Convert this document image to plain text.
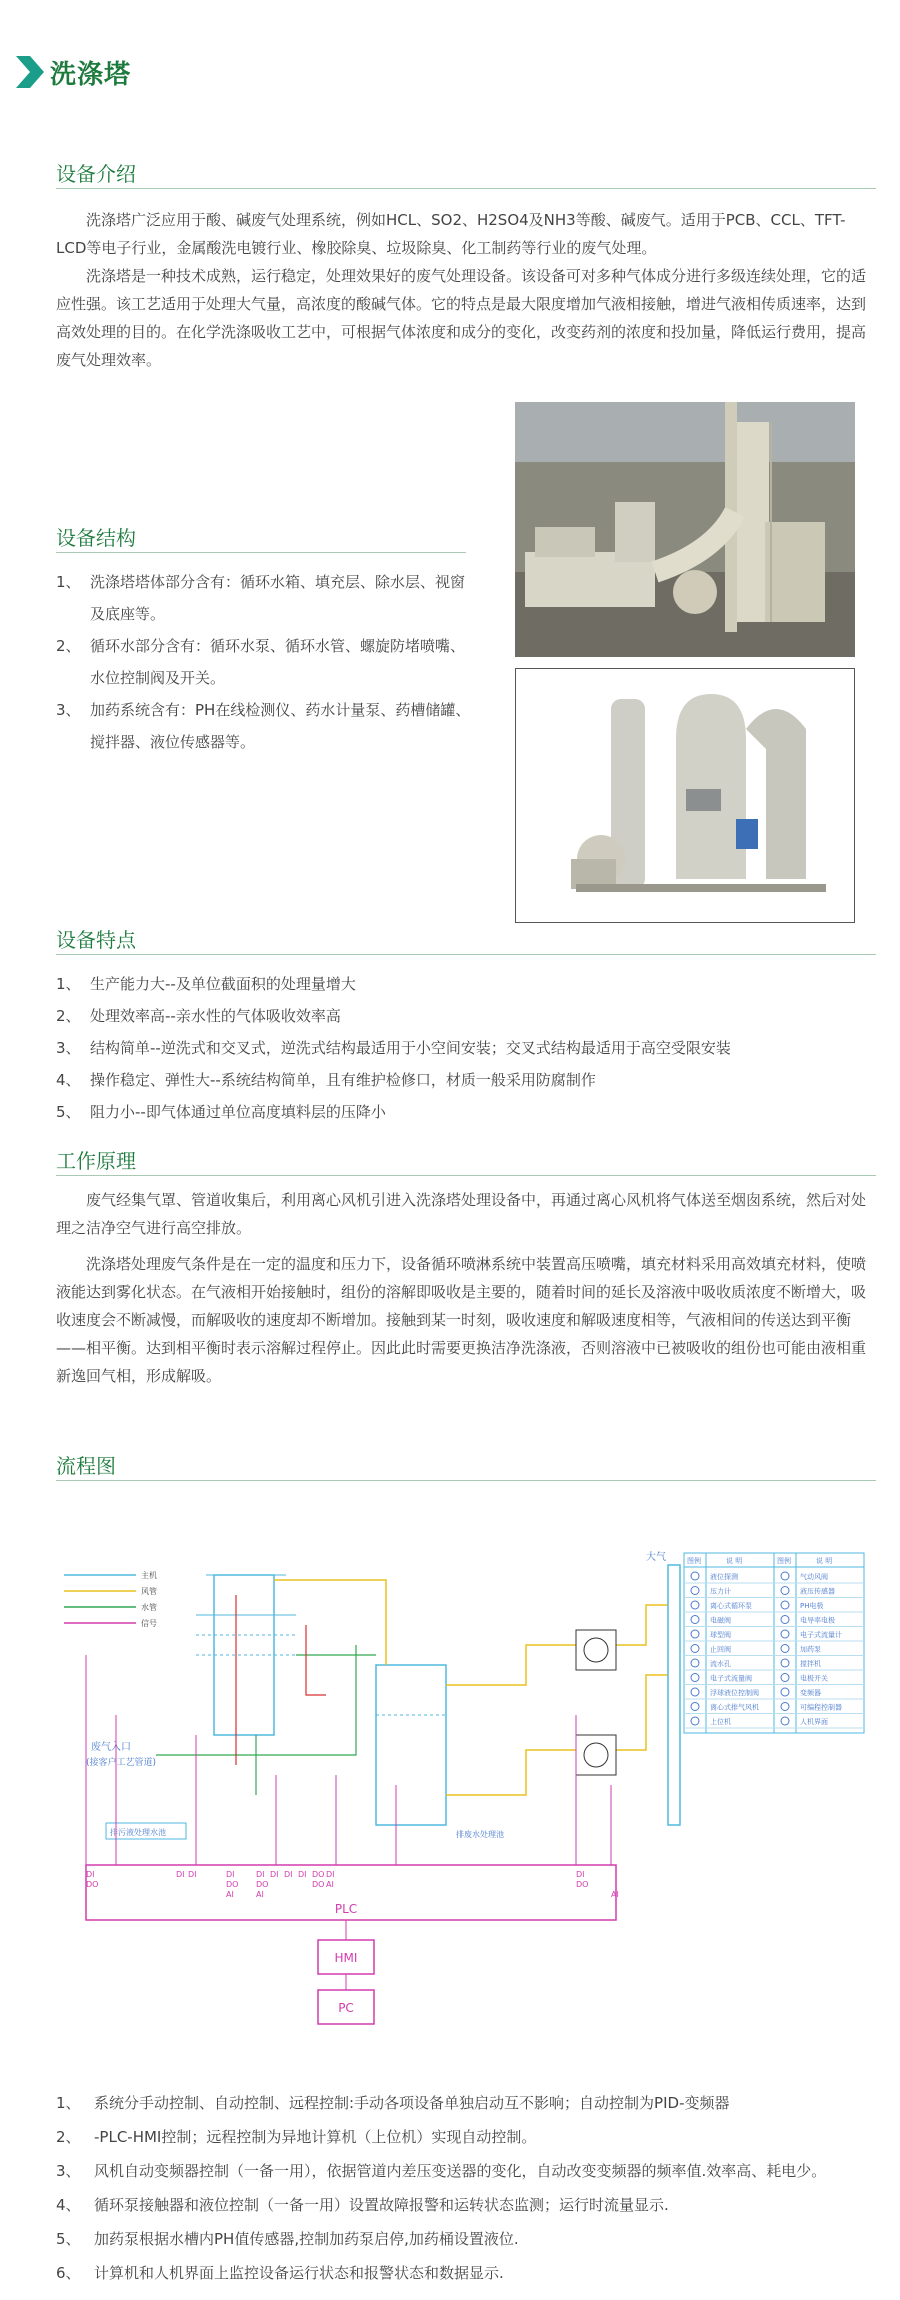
洗涤塔
设备介绍
洗涤塔广泛应用于酸、碱废气处理系统，例如HCL、SO2、H2SO4及NH3等酸、碱废气。适用于PCB、CCL、TFT- LCD等电子行业，金属酸洗电镀行业、橡胶除臭、垃圾除臭、化工制药等行业的废气处理。
洗涤塔是一种技术成熟，运行稳定，处理效果好的废气处理设备。该设备可对多种气体成分进行多级连续处理，它的适应性强。该工艺适用于处理大气量，高浓度的酸碱气体。它的特点是最大限度增加气液相接触，增进气液相传质速率，达到高效处理的目的。在化学洗涤吸收工艺中，可根据气体浓度和成分的变化，改变药剂的浓度和投加量，降低运行费用，提高废气处理效率。
设备结构
1、 洗涤塔塔体部分含有：循环水箱、填充层、除水层、视窗及底座等。
2、 循环水部分含有：循环水泵、循环水管、螺旋防堵喷嘴、水位控制阀及开关。
3、 加药系统含有：PH在线检测仪、药水计量泵、药槽储罐、搅拌器、液位传感器等。
设备特点
1、 生产能力大--及单位截面积的处理量增大
2、 处理效率高--亲水性的气体吸收效率高
3、 结构简单--逆洗式和交叉式，逆洗式结构最适用于小空间安装；交叉式结构最适用于高空受限安装
4、 操作稳定、弹性大--系统结构简单，且有维护检修口，材质一般采用防腐制作
5、 阻力小--即气体通过单位高度填料层的压降小
工作原理
废气经集气罩、管道收集后，利用离心风机引进入洗涤塔处理设备中，再通过离心风机将气体送至烟囱系统，然后对处理之洁净空气进行高空排放。
洗涤塔处理废气条件是在一定的温度和压力下，设备循环喷淋系统中装置高压喷嘴，填充材料采用高效填充材料，使喷液能达到雾化状态。在气液相开始接触时，组份的溶解即吸收是主要的，随着时间的延长及溶液中吸收质浓度不断增大，吸收速度会不断减慢，而解吸收的速度却不断增加。接触到某一时刻，吸收速度和解吸速度相等，气液相间的传送达到平衡——相平衡。达到相平衡时表示溶解过程停止。因此此时需要更换洁净洗涤液，否则溶液中已被吸收的组份也可能由液相重新逸回气相，形成解吸。
流程图
主机
风管
水管
信号
大气
废气入口
(接客户工艺管道)
排污液处理水池	排废水处理池
DI
DO
DI DI	DI
DO
AI
DI
DO
AI
DI DI DI DO
DO
DI
AI
DI
DO
AI
PLC
HMI
PC
图例	说 明	图例	说 明
液位探测	气动风阀
压力计	液压传感器
离心式循环泵	PH电极
电磁阀	电导率电极
球型阀	电子式流量计
止回阀	加药泵
流水孔	搅拌机
电子式流量阀	电极开关
浮球液位控制阀	变频器
离心式排气风机	可编程控制器
上位机	人机界面
1、 系统分手动控制、自动控制、远程控制:手动各项设备单独启动互不影响；自动控制为PID-变频器
2、 -PLC-HMI控制；远程控制为异地计算机（上位机）实现自动控制。
3、 风机自动变频器控制（一备一用），依据管道内差压变送器的变化，自动改变变频器的频率值.效率高、耗电少。
4、 循环泵接触器和液位控制（一备一用）设置故障报警和运转状态监测；运行时流量显示.
5、 加药泵根据水槽内PH值传感器,控制加药泵启停,加药桶设置液位.
6、 计算机和人机界面上监控设备运行状态和报警状态和数据显示.
